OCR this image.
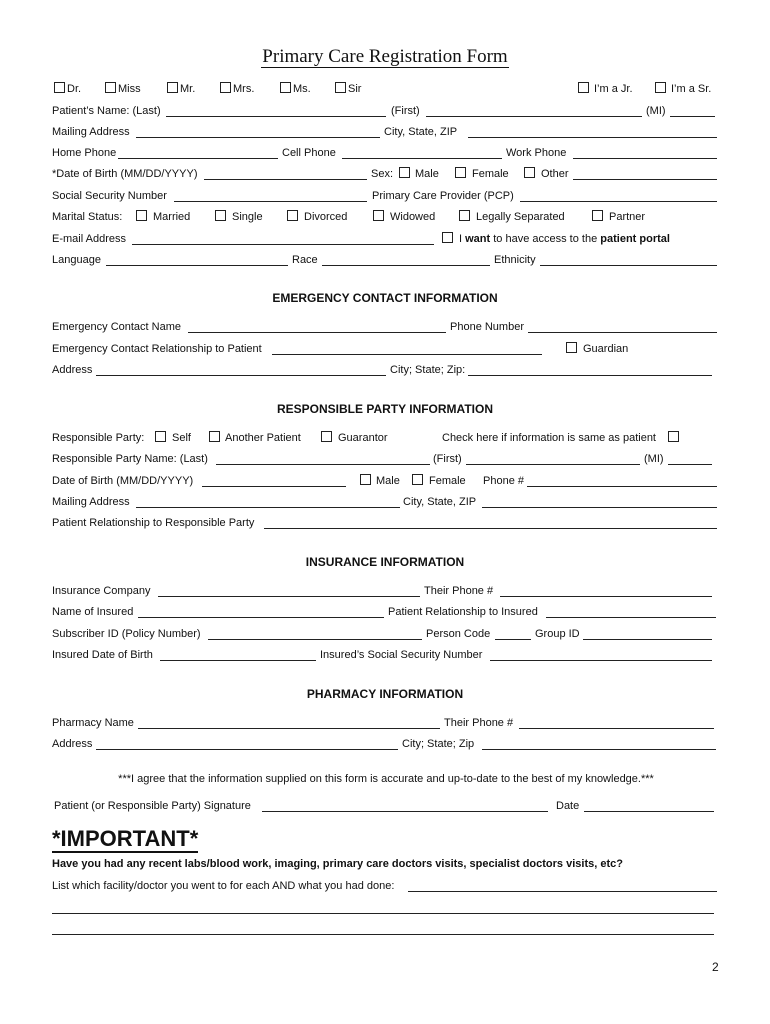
Primary Care Registration Form
Dr.	Miss	Mr.	Mrs.	Ms.	Sir	I’m a Jr.	I’m a Sr.
Patient’s Name: (Last)	(First)	(MI)
Mailing Address	City, State, ZIP
Home Phone	Cell Phone	Work Phone
*Date of Birth (MM/DD/YYYY)	Sex: Male	Female	Other
Social Security Number	Primary Care Provider (PCP)
Marital Status:	Married	Single	Divorced	Widowed	Legally Separated	Partner
E-mail Address	I want to have access to the patient portal
Language	Race	Ethnicity
EMERGENCY CONTACT INFORMATION
Emergency Contact Name	Phone Number
Emergency Contact Relationship to Patient	Guardian
Address	City; State; Zip:
RESPONSIBLE PARTY INFORMATION
Responsible Party:	Self	Another Patient	Guarantor	Check here if information is same as patient
Responsible Party Name: (Last)	(First)	(MI)
Date of Birth (MM/DD/YYYY)	Male	Female Phone #
Mailing Address	City, State, ZIP
Patient Relationship to Responsible Party
INSURANCE INFORMATION
Insurance Company	Their Phone #
Name of Insured	Patient Relationship to Insured
Subscriber ID (Policy Number)	Person Code	Group ID
Insured Date of Birth	Insured’s Social Security Number
PHARMACY INFORMATION
Pharmacy Name	Their Phone #
Address	City; State; Zip
***I agree that the information supplied on this form is accurate and up-to-date to the best of my knowledge.***
Patient (or Responsible Party) Signature	Date
*IMPORTANT*
Have you had any recent labs/blood work, imaging, primary care doctors visits, specialist doctors visits, etc?
List which facility/doctor you went to for each AND what you had done:
2
